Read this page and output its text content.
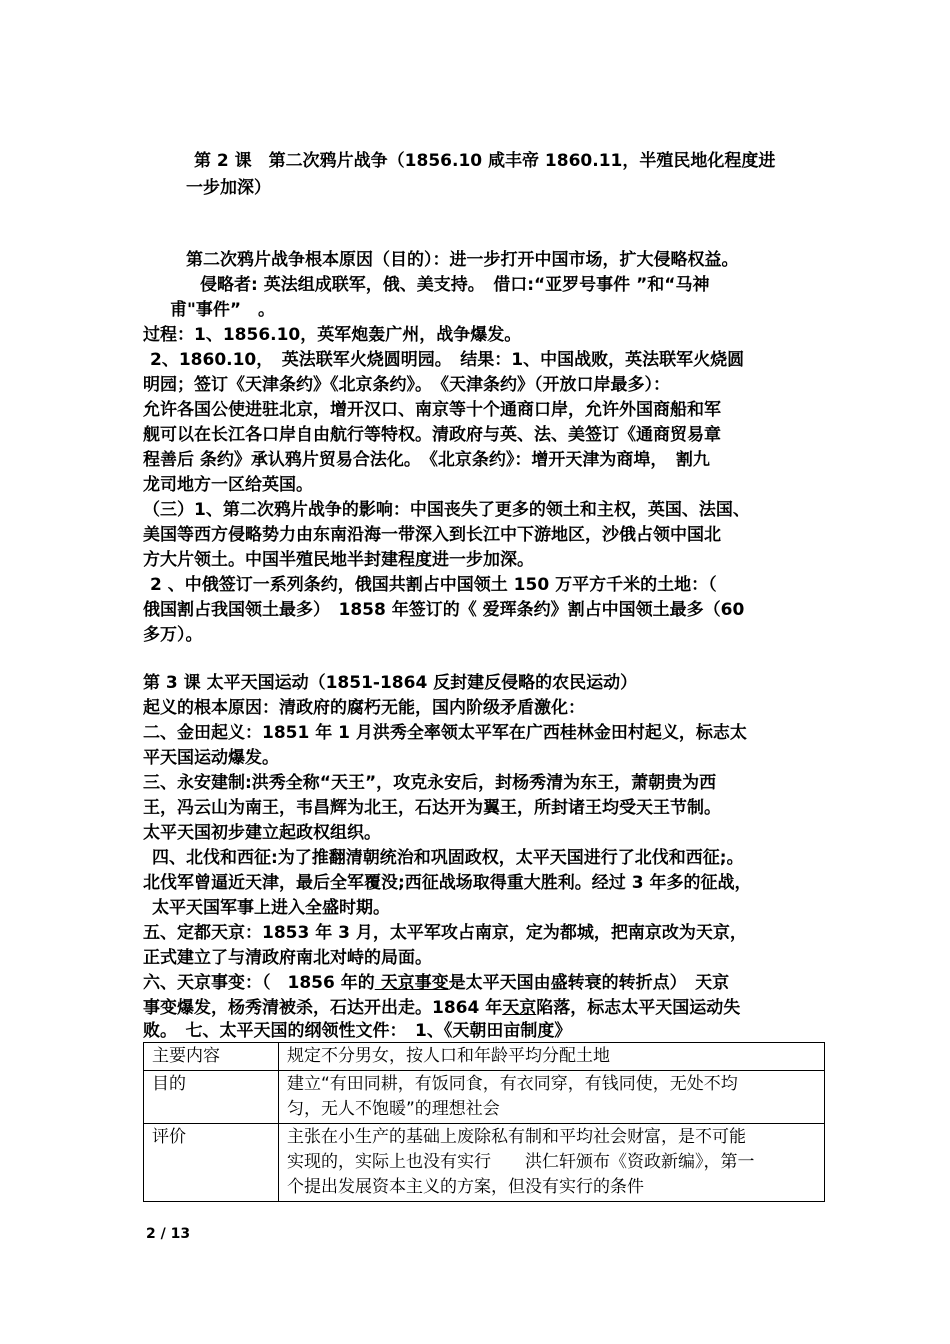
第 2 课　第二次鸦片战争（1856.10 咸丰帝 1860.11，半殖民地化程度进
一步加深）
第二次鸦片战争根本原因（目的）：进一步打开中国市场，扩大侵略权益。
侵略者: 英法组成联军，俄、美支持。　借口:“亚罗号事件 ”和“马神
甫"事件”　。
过程：1、1856.10，英军炮轰广州，战争爆发。
2、1860.10，　英法联军火烧圆明园。　结果：1、中国战败，英法联军火烧圆
明园；签订《天津条约》《北京条约》。　《天津条约》（开放口岸最多）：
允许各国公使进驻北京，增开汉口、南京等十个通商口岸，允许外国商船和军
舰可以在长江各口岸自由航行等特权。清政府与英、法、美签订《通商贸易章
程善后 条约》承认鸦片贸易合法化。　《北京条约》：增开天津为商埠，　割九
龙司地方一区给英国。
（三）1、第二次鸦片战争的影响：中国丧失了更多的领土和主权，英国、法国、
美国等西方侵略势力由东南沿海一带深入到长江中下游地区，沙俄占领中国北
方大片领土。中国半殖民地半封建程度进一步加深。
2 、中俄签订一系列条约，俄国共割占中国领土 150 万平方千米的土地：（
俄国割占我国领土最多）　1858 年签订的《 爱珲条约》割占中国领土最多（60
多万）。
第 3 课 太平天国运动（1851-1864 反封建反侵略的农民运动）
起义的根本原因：清政府的腐朽无能，国内阶级矛盾激化：
二、金田起义：1851 年 1 月洪秀全率领太平军在广西桂林金田村起义，标志太
平天国运动爆发。
三、永安建制:洪秀全称“天王”，攻克永安后，封杨秀清为东王，萧朝贵为西
王，冯云山为南王，韦昌辉为北王，石达开为翼王，所封诸王均受天王节制。
太平天国初步建立起政权组织。
四、北伐和西征:为了推翻清朝统治和巩固政权，太平天国进行了北伐和西征;。
北伐军曾逼近天津，最后全军覆没;西征战场取得重大胜利。经过 3 年多的征战，
太平天国军事上进入全盛时期。
五、定都天京：1853 年 3 月，太平军攻占南京，定为都城，把南京改为天京，
正式建立了与清政府南北对峙的局面。
六、天京事变：（　1856 年的 天京事变是太平天国由盛转衰的转折点）　天京
事变爆发，杨秀清被杀，石达开出走。1864 年天京陷落，标志太平天国运动失
败。　七、太平天国的纲领性文件：　1、《天朝田亩制度》
主要内容	规定不分男女，按人口和年龄平均分配土地
目的	建立“有田同耕，有饭同食，有衣同穿，有钱同使，无处不均
匀，无人不饱暖”的理想社会

评价	主张在小生产的基础上废除私有制和平均社会财富，是不可能
实现的，实际上也没有实行　　洪仁轩颁布《资政新编》，第一
个提出发展资本主义的方案，但没有实行的条件
2 / 13
